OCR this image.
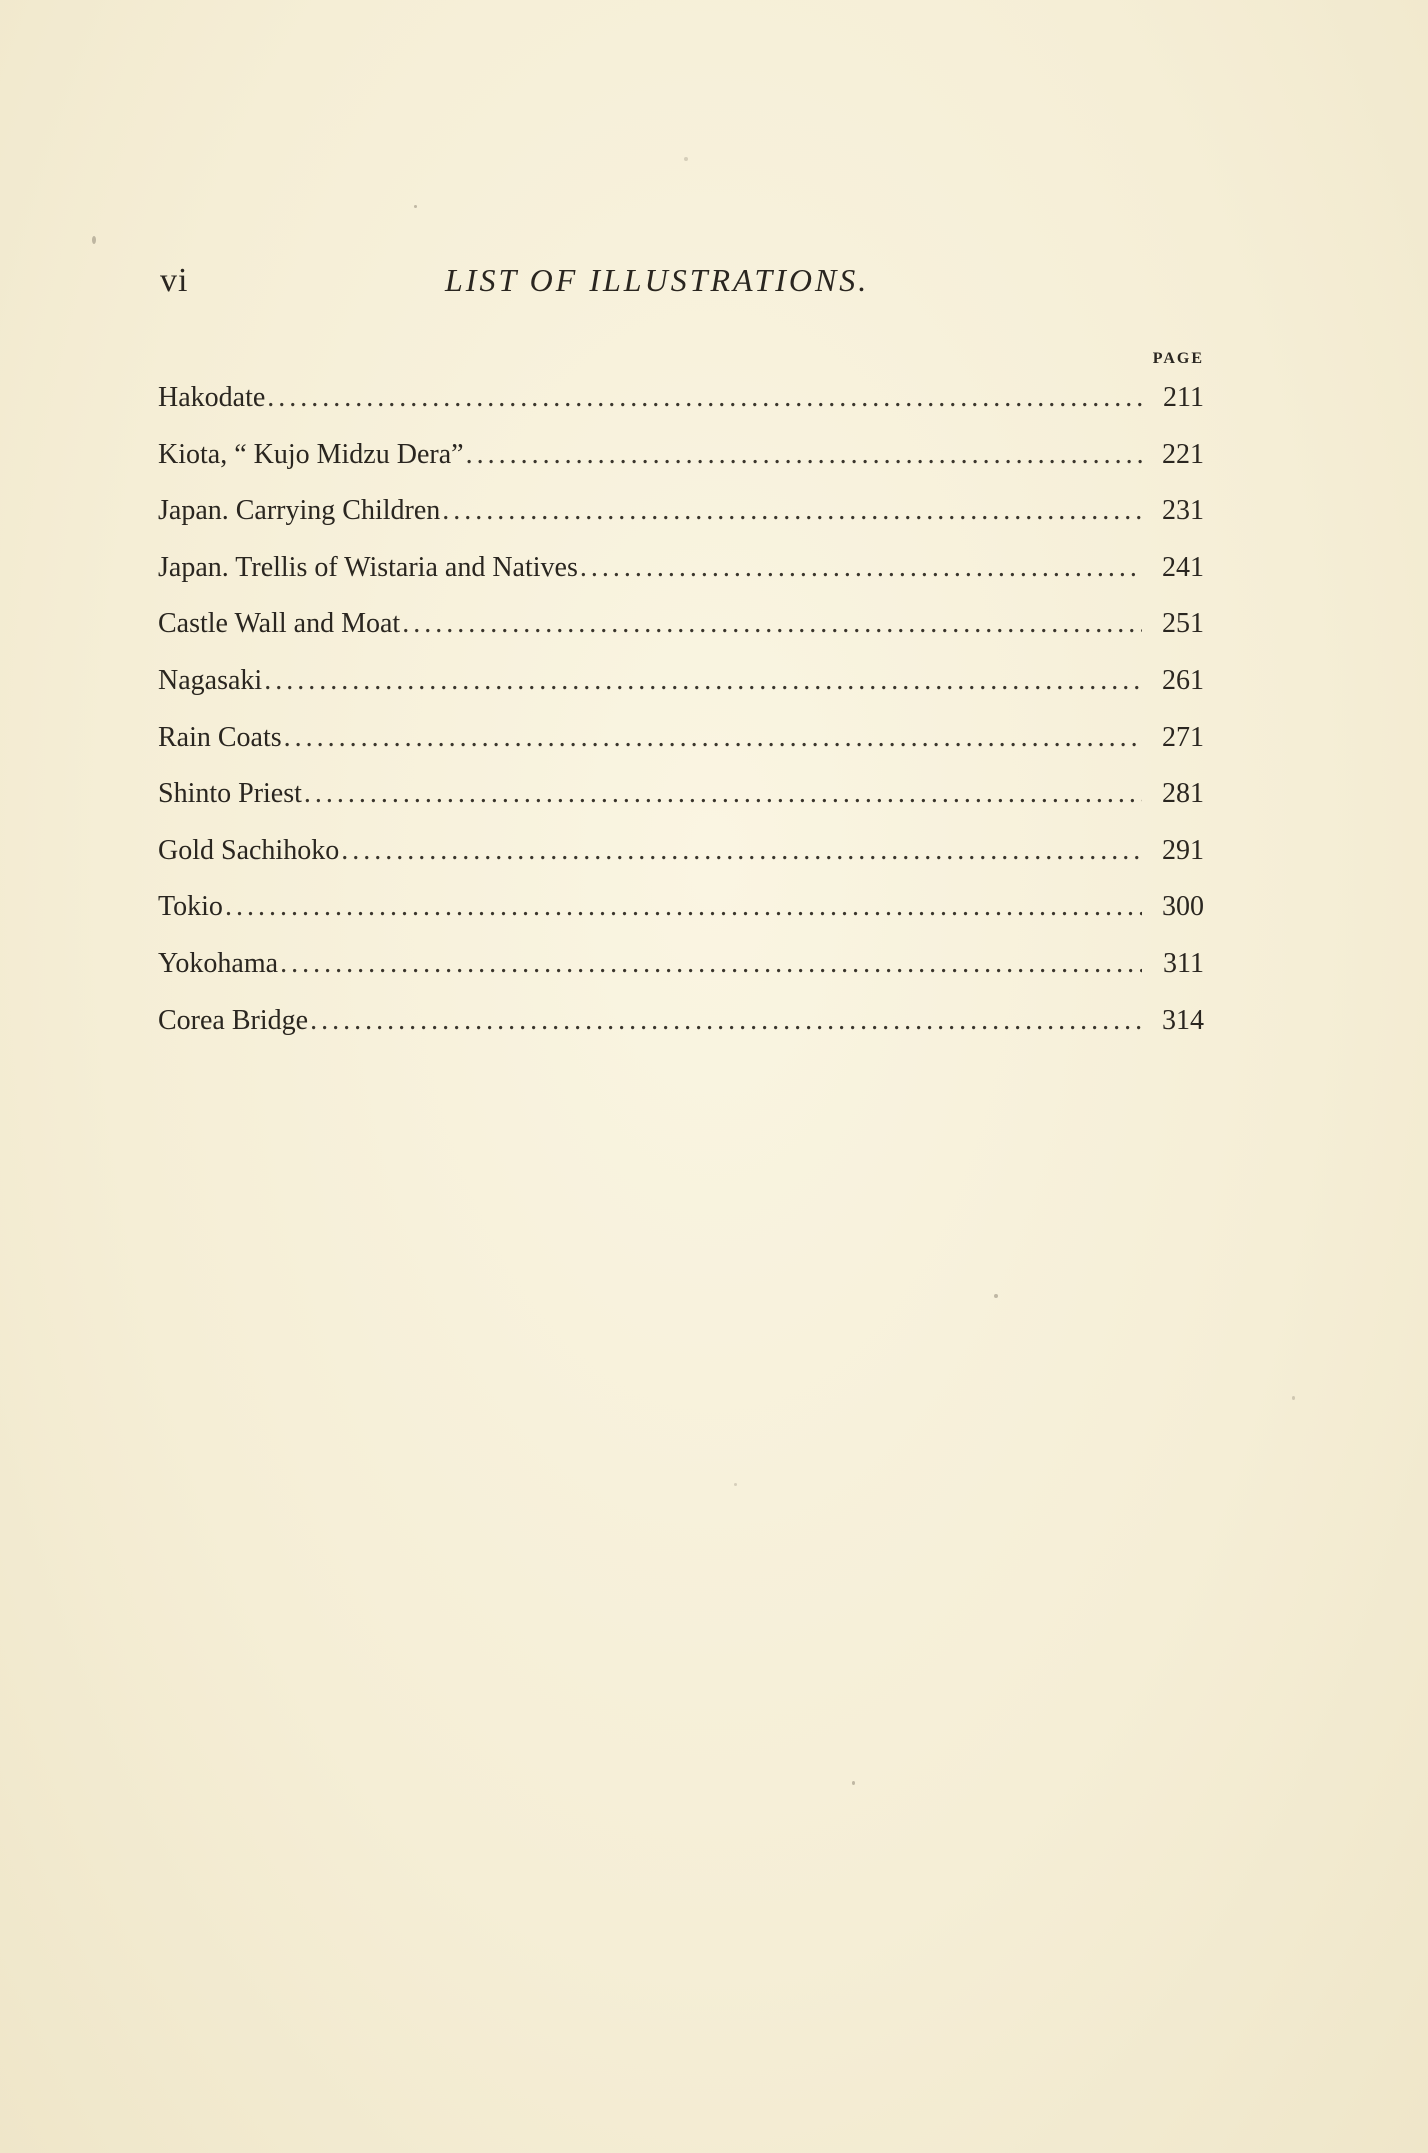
vi	LIST OF ILLUSTRATIONS.
PAGE
Hakodate .....	211
Kiota, “ Kujo Midzu Dera” .....	221
Japan. Carrying Children .....	231
Japan. Trellis of Wistaria and Natives .....	241
Castle Wall and Moat .....	251
Nagasaki .....	261
Rain Coats .....	271
Shinto Priest .....	281
Gold Sachihoko .....	291
Tokio .....	300
Yokohama .....	311
Corea Bridge .....	314
